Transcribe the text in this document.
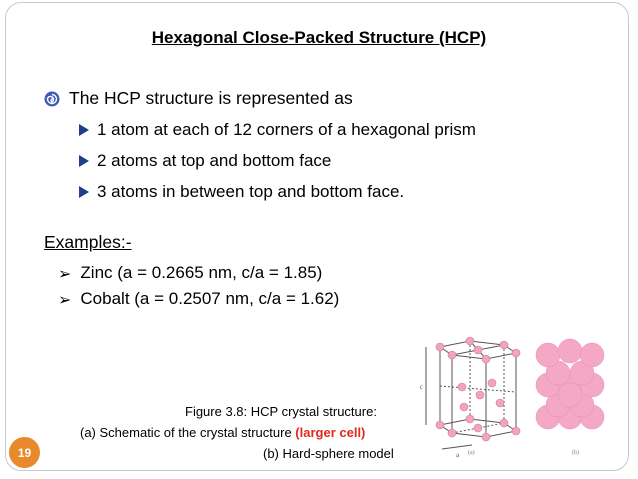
Hexagonal Close-Packed Structure (HCP)
The HCP structure is represented as
1 atom at each of 12 corners of a hexagonal prism
2 atoms at top and bottom face
3 atoms in between top and bottom face.
Examples:-
➢ Zinc (a = 0.2665 nm, c/a = 1.85)
➢ Cobalt (a = 0.2507 nm, c/a = 1.62)
Figure 3.8: HCP crystal structure:
(a) Schematic of the crystal structure (larger cell)
(b) Hard-sphere model
19
c
a (a)	(b)
